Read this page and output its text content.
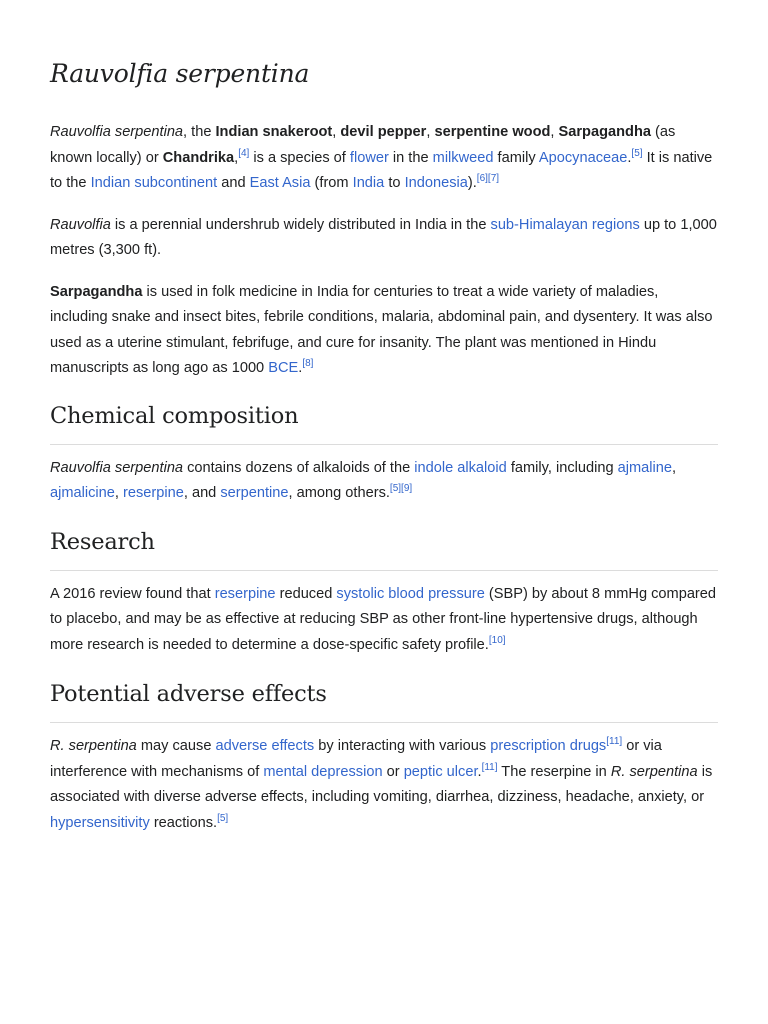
Rauvolfia serpentina

Rauvolfia serpentina, the Indian snakeroot, devil pepper, serpentine wood, Sarpagandha (as known locally) or Chandrika,[4] is a species of flower in the milkweed family Apocynaceae.[5] It is native to the Indian subcontinent and East Asia (from India to Indonesia).[6][7]

Rauvolfia is a perennial undershrub widely distributed in India in the sub-Himalayan regions up to 1,000 metres (3,300 ft).

Sarpagandha is used in folk medicine in India for centuries to treat a wide variety of maladies, including snake and insect bites, febrile conditions, malaria, abdominal pain, and dysentery. It was also used as a uterine stimulant, febrifuge, and cure for insanity. The plant was mentioned in Hindu manuscripts as long ago as 1000 BCE.[8]

Chemical composition

Rauvolfia serpentina contains dozens of alkaloids of the indole alkaloid family, including ajmaline, ajmalicine, reserpine, and serpentine, among others.[5][9]

Research

A 2016 review found that reserpine reduced systolic blood pressure (SBP) by about 8 mmHg compared to placebo, and may be as effective at reducing SBP as other front-line hypertensive drugs, although more research is needed to determine a dose-specific safety profile.[10]

Potential adverse effects

R. serpentina may cause adverse effects by interacting with various prescription drugs[11] or via interference with mechanisms of mental depression or peptic ulcer.[11] The reserpine in R. serpentina is associated with diverse adverse effects, including vomiting, diarrhea, dizziness, headache, anxiety, or hypersensitivity reactions.[5]
